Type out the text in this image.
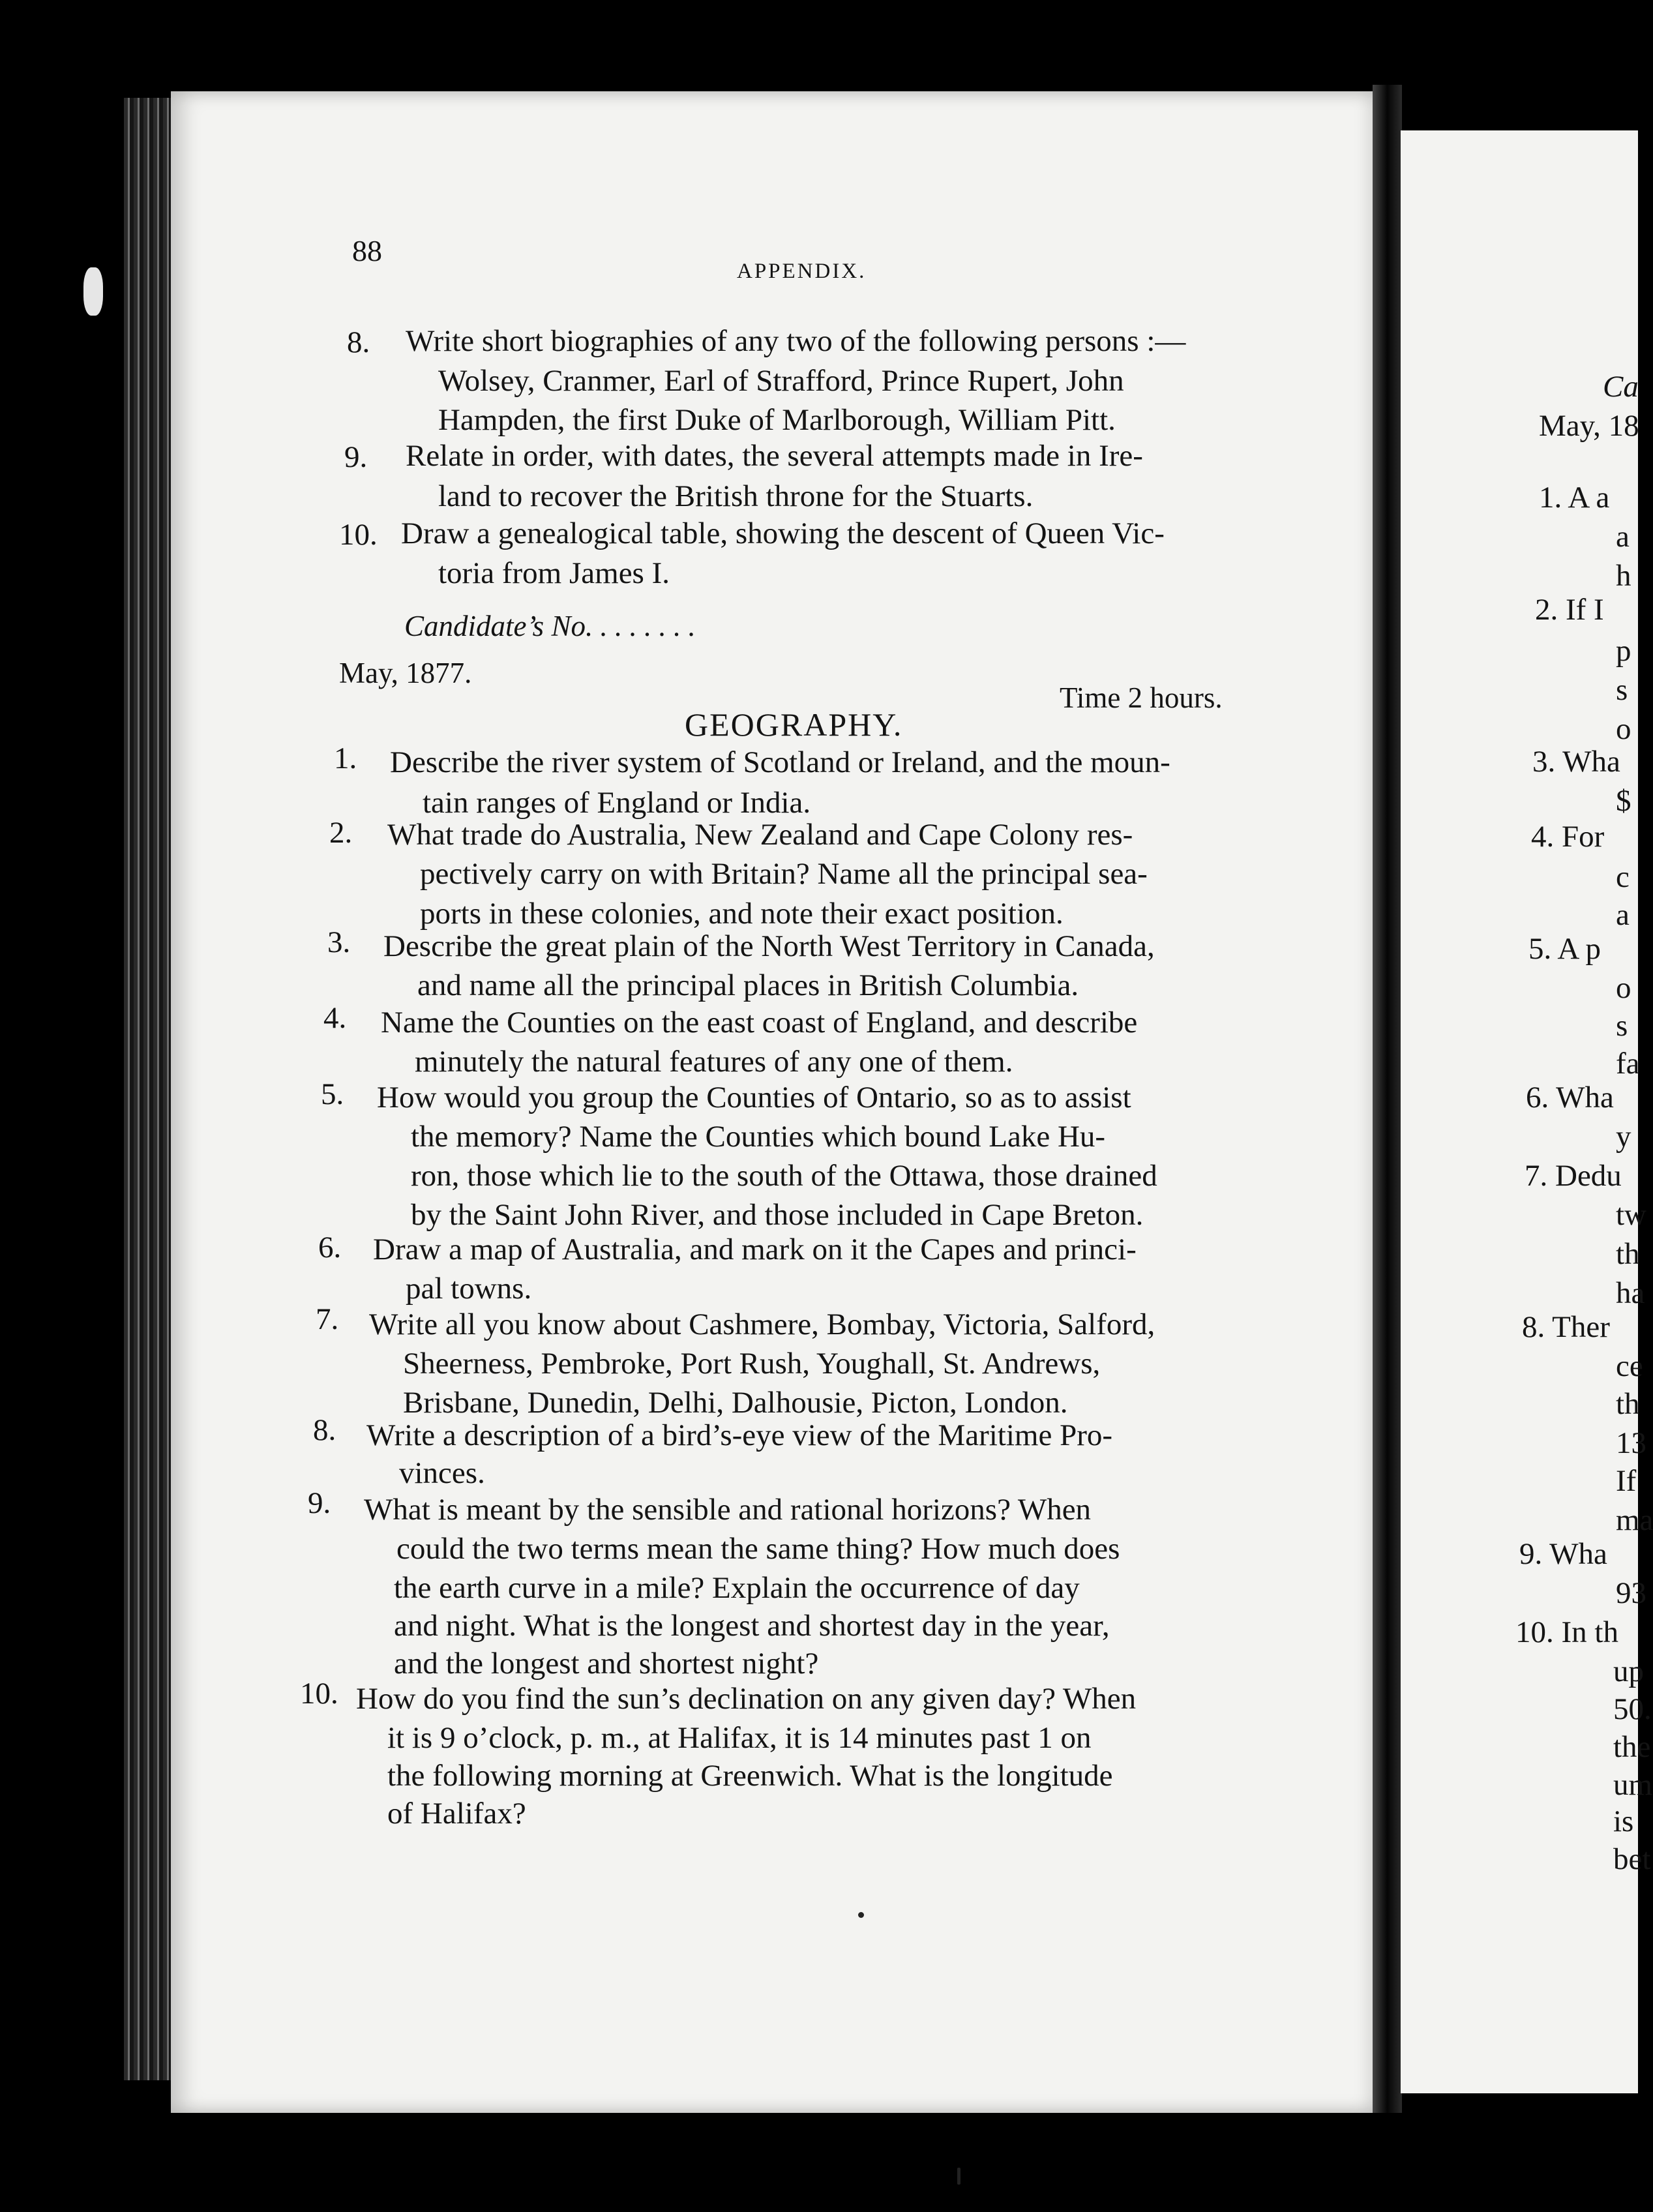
88
APPENDIX.
8. Write short biographies of any two of the following persons :—
Wolsey, Cranmer, Earl of Strafford, Prince Rupert, John
Hampden, the first Duke of Marlborough, William Pitt.
9. Relate in order, with dates, the several attempts made in Ire-
land to recover the British throne for the Stuarts.
10. Draw a genealogical table, showing the descent of Queen Vic-
toria from James I.
Candidate’s No. . . . . . . .
May, 1877.
Time 2 hours.
GEOGRAPHY.
1. Describe the river system of Scotland or Ireland, and the moun-
tain ranges of England or India.
2. What trade do Australia, New Zealand and Cape Colony res-
pectively carry on with Britain? Name all the principal sea-
ports in these colonies, and note their exact position.
3. Describe the great plain of the North West Territory in Canada,
and name all the principal places in British Columbia.
4. Name the Counties on the east coast of England, and describe
minutely the natural features of any one of them.
5. How would you group the Counties of Ontario, so as to assist
the memory? Name the Counties which bound Lake Hu-
ron, those which lie to the south of the Ottawa, those drained
by the Saint John River, and those included in Cape Breton.
6. Draw a map of Australia, and mark on it the Capes and princi-
pal towns.
7. Write all you know about Cashmere, Bombay, Victoria, Salford,
Sheerness, Pembroke, Port Rush, Youghall, St. Andrews,
Brisbane, Dunedin, Delhi, Dalhousie, Picton, London.
8. Write a description of a bird’s-eye view of the Maritime Pro-
vinces.
9. What is meant by the sensible and rational horizons? When
could the two terms mean the same thing? How much does
the earth curve in a mile? Explain the occurrence of day
and night. What is the longest and shortest day in the year,
and the longest and shortest night?
10. How do you find the sun’s declination on any given day? When
it is 9 o’clock, p. m., at Halifax, it is 14 minutes past 1 on
the following morning at Greenwich. What is the longitude
of Halifax?
Ca
May, 18
1. A a
a
h
2. If I
p
s
o
3. Wha
$
4. For
c
a
5. A p
o
s
fa
6. Wha
y
7. Dedu
tw
th
ha
8. Ther
ce
th
13
If
ma
9. Wha
93
10. In th
up
50.
the
um
is
bet
